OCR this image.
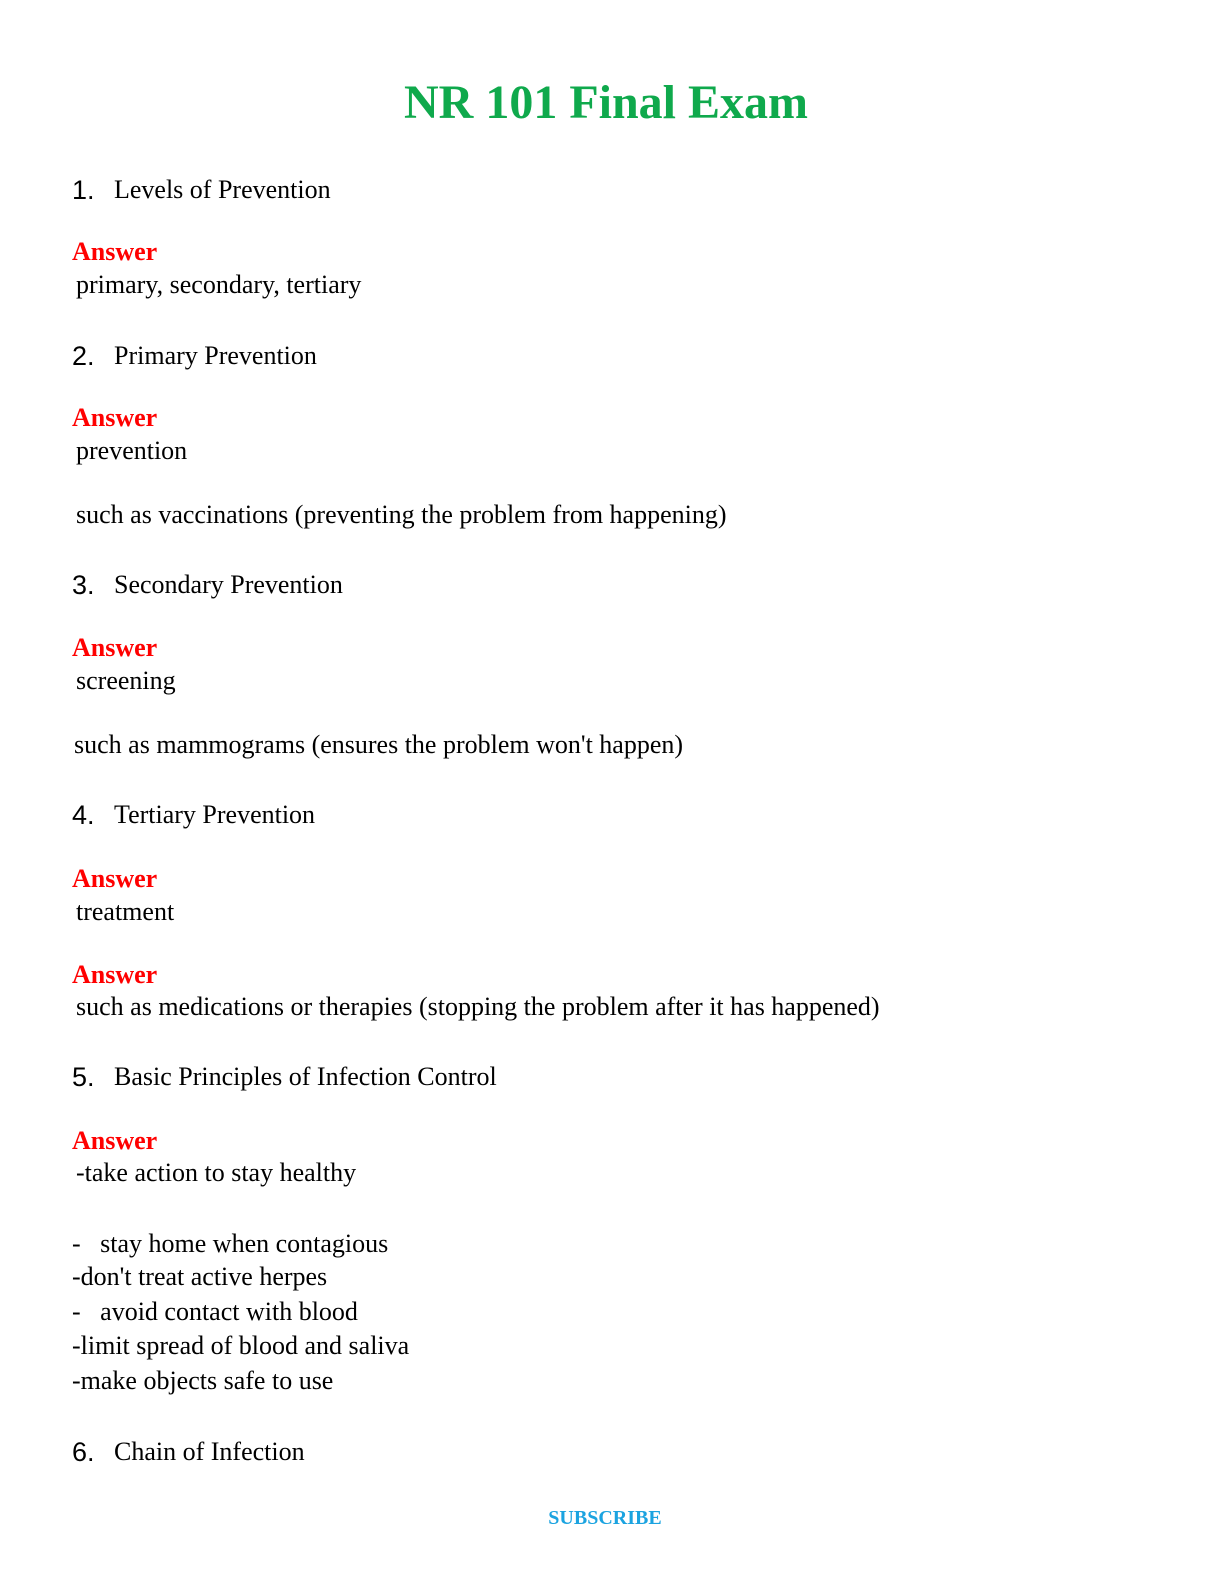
NR 101 Final Exam
1. Levels of Prevention
Answer
primary, secondary, tertiary
2. Primary Prevention
Answer
prevention
such as vaccinations (preventing the problem from happening)
3. Secondary Prevention
Answer
screening
such as mammograms (ensures the problem won't happen)
4. Tertiary Prevention
Answer
treatment
Answer
such as medications or therapies (stopping the problem after it has happened)
5. Basic Principles of Infection Control
Answer
-take action to stay healthy
-   stay home when contagious
-don't treat active herpes
-   avoid contact with blood
-limit spread of blood and saliva
-make objects safe to use
6. Chain of Infection
SUBSCRIBE
